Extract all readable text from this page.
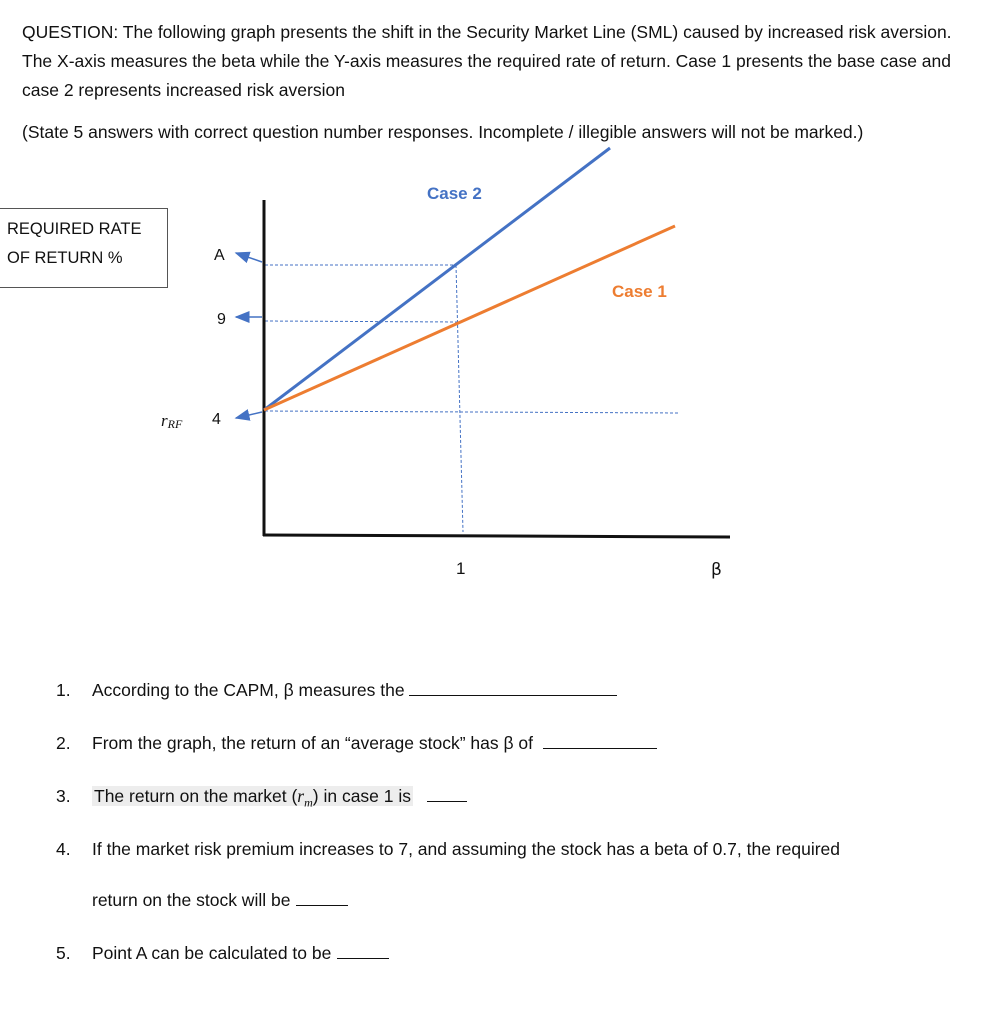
QUESTION: The following graph presents the shift in the Security Market Line (SML) caused by increased risk aversion. The X-axis measures the beta while the Y-axis measures the required rate of return. Case 1 presents the base case and case 2 represents increased risk aversion

(State 5 answers with correct question number responses. Incomplete / illegible answers will not be marked.)

REQUIRED RATE
OF RETURN %	A
9
4
rRF
1	β
Case 2
Case 1
1. According to the CAPM, β measures the
2. From the graph, the return of an “average stock” has β of
3. The return on the market $(r_m)$ in case 1 is
4. If the market risk premium increases to 7, and assuming the stock has a beta of 0.7, the required
return on the stock will be
5. Point A can be calculated to be
